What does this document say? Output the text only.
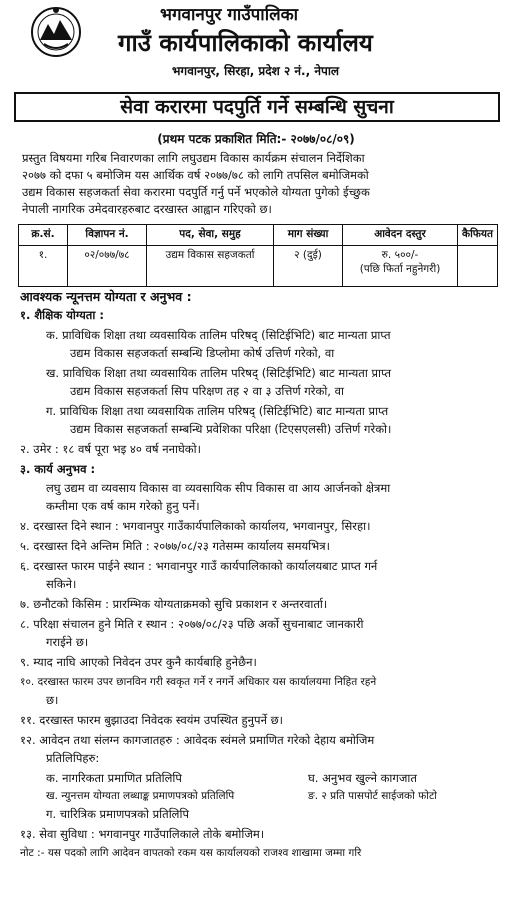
भगवानपुर गाउँपालिका
गाउँ कार्यपालिकाको कार्यालय
भगवानपुर, सिरहा, प्रदेश २ नं., नेपाल
सेवा करारमा पदपुर्ति गर्ने सम्बन्धि सुचना
(प्रथम पटक प्रकाशित मिति:- २०७७/०८/०९)
प्रस्तुत विषयमा गरिब निवारणका लागि लघुउद्यम विकास कार्यक्रम संचालन निर्देशिका
२०७७ को दफा ५ बमोजिम यस आर्थिक वर्ष २०७७/७८ को लागि तपसिल बमोजिमको
उद्यम विकास सहजकर्ता सेवा करारमा पदपुर्ति गर्नु पर्ने भएकोले योग्यता पुगेको ईच्छुक
नेपाली नागरिक उमेदवारहरुबाट दरखास्त आह्वान गरिएको छ।
क्र.सं.	विज्ञापन नं.	पद, सेवा, समुह	माग संख्या	आवेदन दस्तुर	कैफियत
१.	०२/०७७/७८	उद्यम विकास सहजकर्ता	२ (दुई)	रु. ५००/-
(पछि फिर्ता नहुनेगरी)	

आवश्यक न्यूनत्तम योग्यता र अनुभव :
१. शैक्षिक योग्यता :
क. प्राविधिक शिक्षा तथा व्यवसायिक तालिम परिषद् (सिटिईभिटि) बाट मान्यता प्राप्त
उद्यम विकास सहजकर्ता सम्बन्धि डिप्लोमा कोर्ष उत्तिर्ण गरेको, वा
ख. प्राविधिक शिक्षा तथा व्यवसायिक तालिम परिषद् (सिटिईभिटि) बाट मान्यता प्राप्त
उद्यम विकास सहजकर्ता सिप परिक्षण तह २ वा ३ उत्तिर्ण गरेको, वा
ग. प्राविधिक शिक्षा तथा व्यवसायिक तालिम परिषद् (सिटिईभिटि) बाट मान्यता प्राप्त
उद्यम विकास सहजकर्ता सम्बन्धि प्रवेशिका परिक्षा (टिएसएलसी) उत्तिर्ण गरेको।
२. उमेर : १८ वर्ष पूरा भइ ४० वर्ष ननाघेको।
३. कार्य अनुभव :
लघु उद्यम वा व्यवसाय विकास वा व्यवसायिक सीप विकास वा आय आर्जनको क्षेत्रमा
कम्तीमा एक वर्ष काम गरेको हुनु पर्ने।
४. दरखास्त दिने स्थान : भगवानपुर गाउँकार्यपालिकाको कार्यालय, भगवानपुर, सिरहा।
५. दरखास्त दिने अन्तिम मिति : २०७७/०८/२३ गतेसम्म कार्यालय समयभित्र।
६. दरखास्त फारम पाईने स्थान : भगवानपुर गाउँ कार्यपालिकाको कार्यालयबाट प्राप्त गर्न
सकिने।
७. छनौटको किसिम : प्रारम्भिक योग्यताक्रमको सुचि प्रकाशन र अन्तरवार्ता।
८. परिक्षा संचालन हुने मिति र स्थान : २०७७/०८/२३ पछि अर्को सुचनाबाट जानकारी
गराईने छ।
९. म्याद नाघि आएको निवेदन उपर कुनै कार्यबाहि हुनेछैन।
१०. दरखास्त फारम उपर छानविन गरी स्वकृत गर्ने र नगर्ने अधिकार यस कार्यालयमा निहित रहने
छ।
११. दरखास्त फारम बुझाउदा निवेदक स्वयंम उपस्थित हुनुपर्ने छ।
१२. आवेदन तथा संलग्न कागजातहरु : आवेदक स्वंमले प्रमाणित गरेको देहाय बमोजिम
प्रतिलिपिहरु:
क. नागरिकता प्रमाणित प्रतिलिपि	घ. अनुभव खुल्ने कागजात
ख. न्युनत्तम योग्यता लब्धाङ्क प्रमाणपत्रको प्रतिलिपि	ङ. २ प्रति पासपोर्ट साईजको फोटो
ग. चारित्रिक प्रमाणपत्रको प्रतिलिपि
१३. सेवा सुविधा : भगवानपुर गाउँपालिकाले तोके बमोजिम।
नोट :- यस पदको लागि आदेवन वापतको रकम यस कार्यालयको राजश्व शाखामा जम्मा गरि
